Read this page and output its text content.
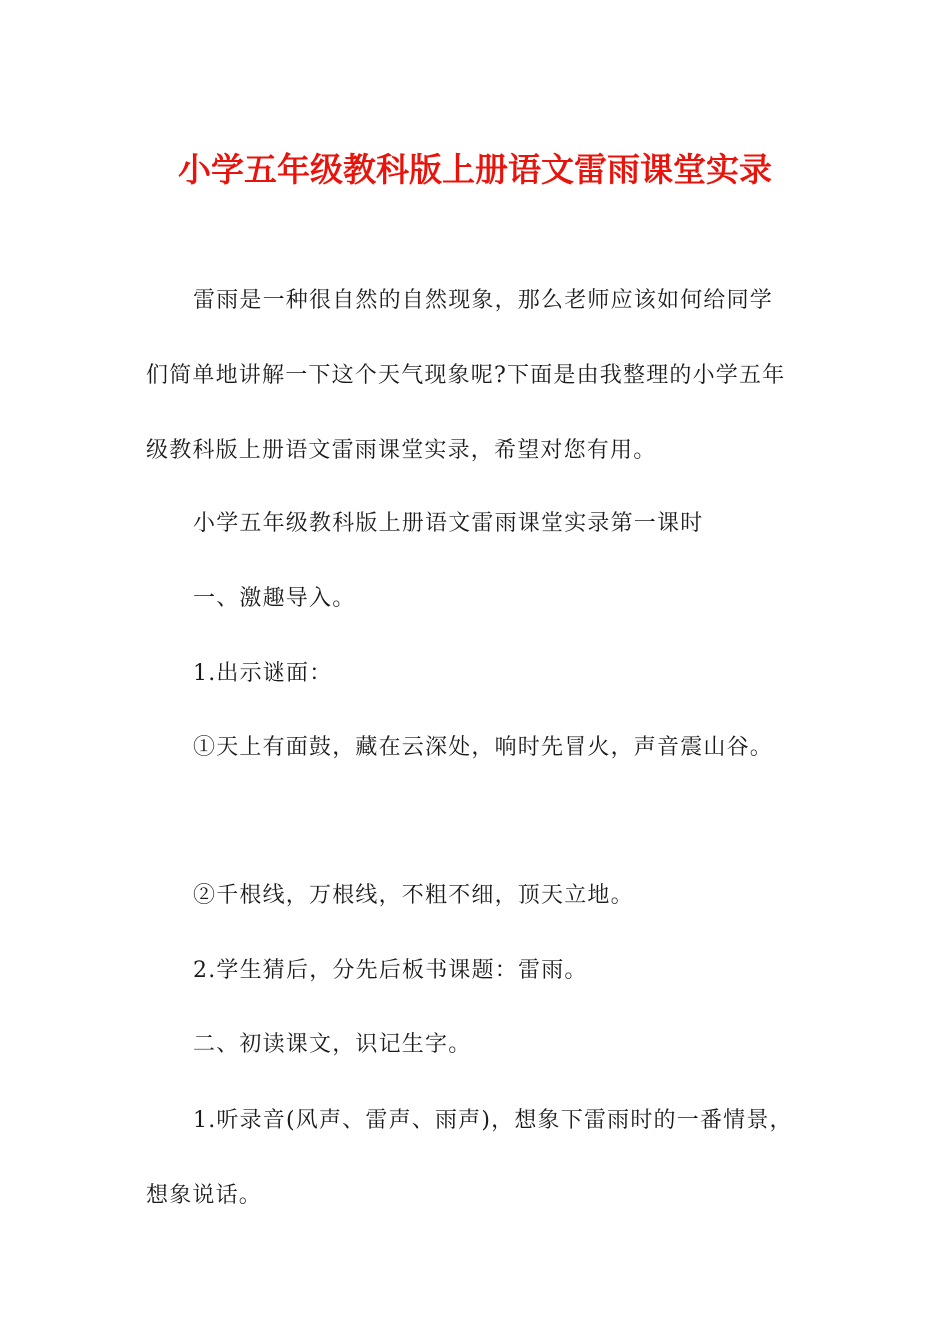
小学五年级教科版上册语文雷雨课堂实录
雷雨是一种很自然的自然现象，那么老师应该如何给同学
们简单地讲解一下这个天气现象呢?下面是由我整理的小学五年
级教科版上册语文雷雨课堂实录，希望对您有用。
小学五年级教科版上册语文雷雨课堂实录第一课时
一、激趣导入。
1.出示谜面：
①天上有面鼓，藏在云深处，响时先冒火，声音震山谷。
②千根线，万根线，不粗不细，顶天立地。
2.学生猜后，分先后板书课题：雷雨。
二、初读课文，识记生字。
1.听录音(风声、雷声、雨声)，想象下雷雨时的一番情景，
想象说话。
